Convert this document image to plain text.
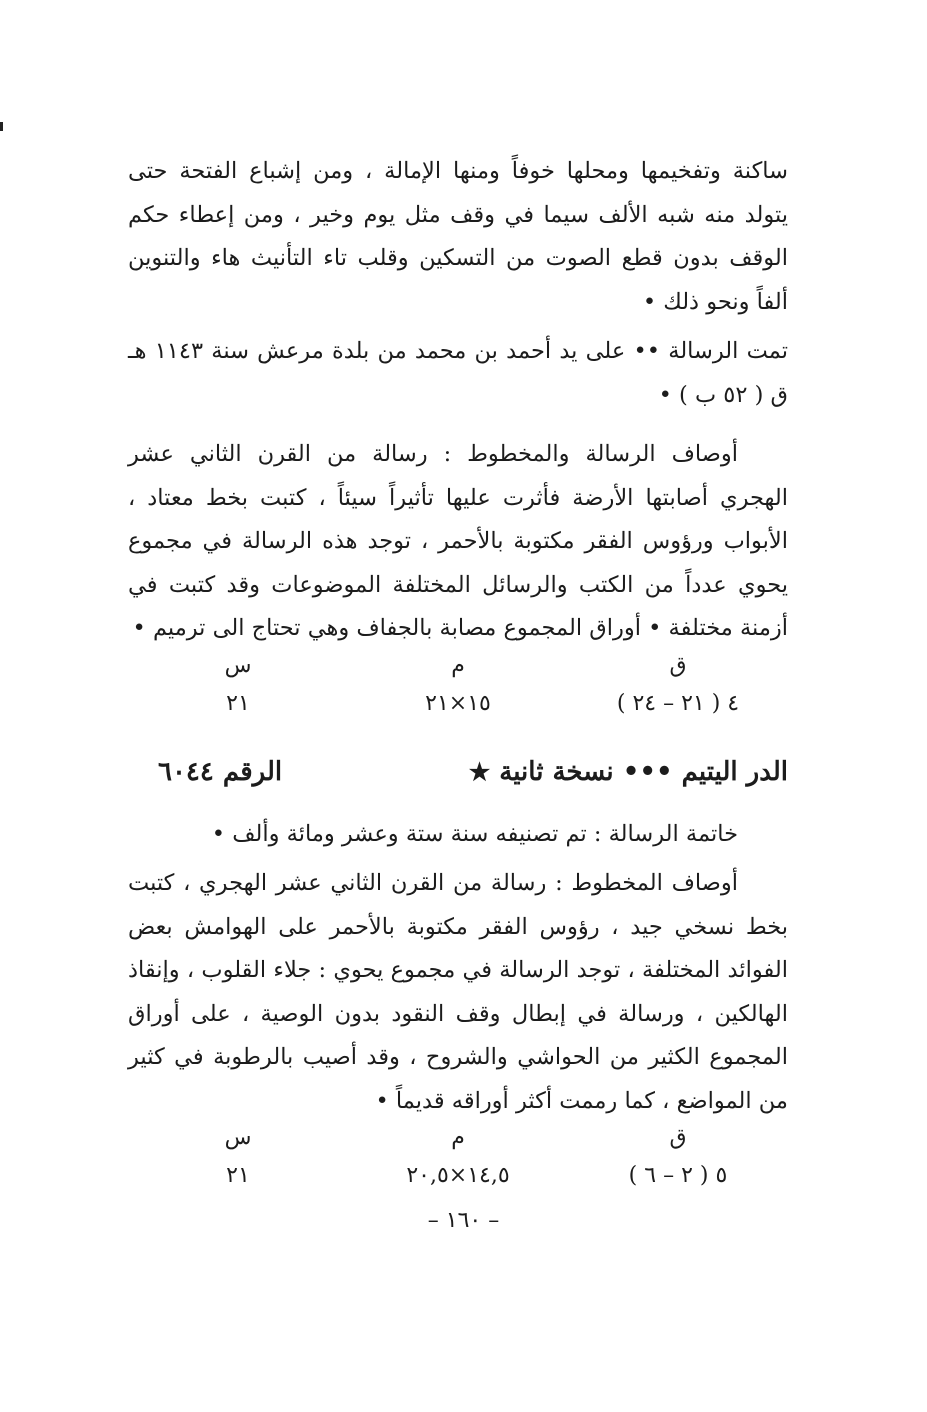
ساكنة وتفخيمها ومحلها خوفاً ومنها الإمالة ، ومن إشباع الفتحة حتى يتولد منه شبه الألف سيما في وقف مثل يوم وخير ، ومن إعطاء حكم الوقف بدون قطع الصوت من التسكين وقلب تاء التأنيث هاء والتنوين ألفاً ونحو ذلك •

تمت الرسالة •• على يد أحمد بن محمد من بلدة مرعش سنة ١١٤٣ هـ ق ( ٥٢ ب ) •

أوصاف الرسالة والمخطوط : رسالة من القرن الثاني عشر الهجري أصابتها الأرضة فأثرت عليها تأثيراً سيئاً ، كتبت بخط معتاد ، الأبواب ورؤوس الفقر مكتوبة بالأحمر ، توجد هذه الرسالة في مجموع يحوي عدداً من الكتب والرسائل المختلفة الموضوعات وقد كتبت في أزمنة مختلفة • أوراق المجموع مصابة بالجفاف وهي تحتاج الى ترميم •

ق
م
س
٤ ( ٢١ – ٢٤ )
١٥×٢١
٢١
الدر اليتيم ••• نسخة ثانية ★
الرقم ٦٠٤٤

خاتمة الرسالة : تم تصنيفه سنة ستة وعشر ومائة وألف •

أوصاف المخطوط : رسالة من القرن الثاني عشر الهجري ، كتبت بخط نسخي جيد ، رؤوس الفقر مكتوبة بالأحمر على الهوامش بعض الفوائد المختلفة ، توجد الرسالة في مجموع يحوي : جلاء القلوب ، وإنقاذ الهالكين ، ورسالة في إبطال وقف النقود بدون الوصية ، على أوراق المجموع الكثير من الحواشي والشروح ، وقد أصيب بالرطوبة في كثير من المواضع ، كما رممت أكثر أوراقه قديماً •

ق
م
س
٥ ( ٢ – ٦ )
١٤,٥×٢٠,٥
٢١
– ١٦٠ –
